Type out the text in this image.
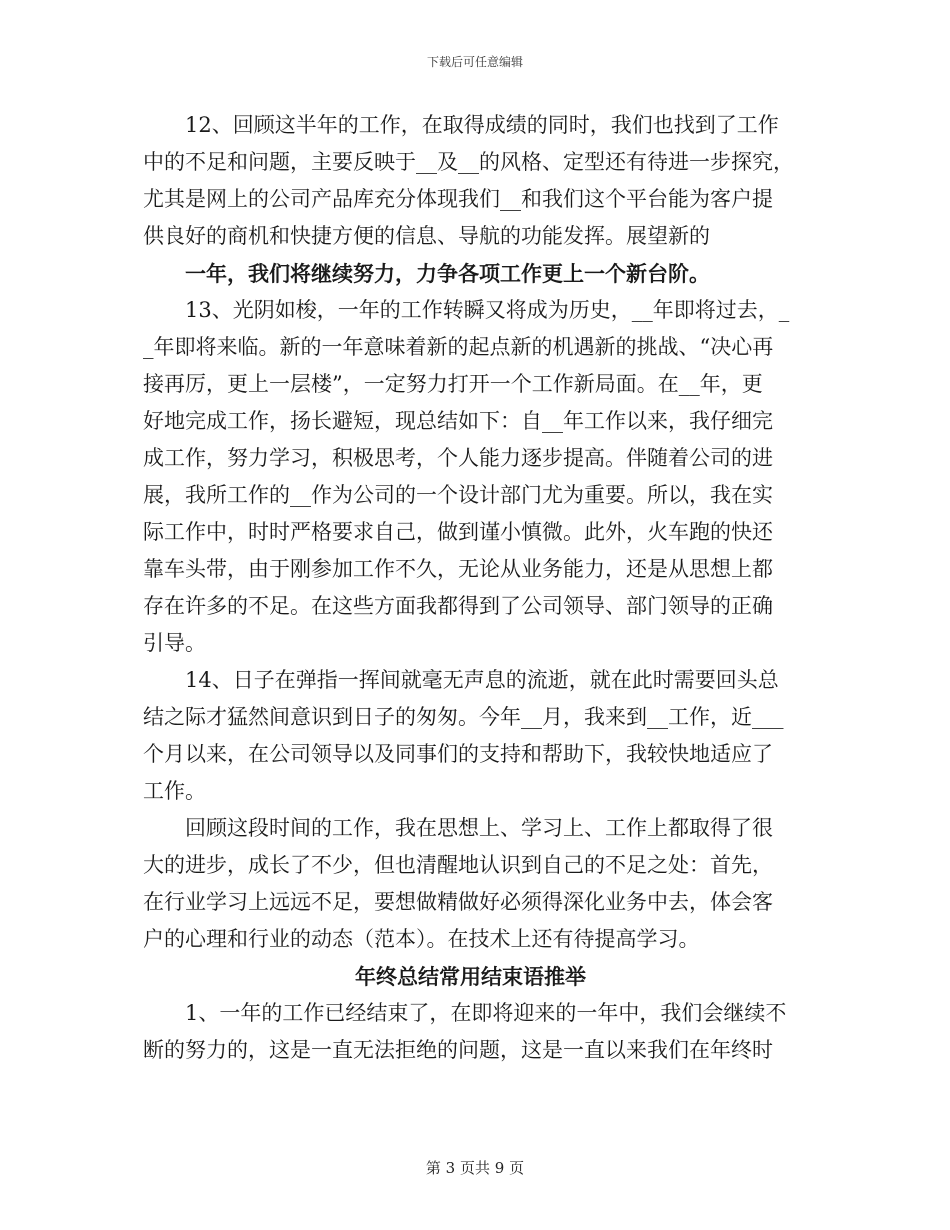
下载后可任意编辑
12、回顾这半年的工作，在取得成绩的同时，我们也找到了工作
中的不足和问题，主要反映于__及__的风格、定型还有待进一步探究，
尤其是网上的公司产品库充分体现我们__和我们这个平台能为客户提
供良好的商机和快捷方便的信息、导航的功能发挥。展望新的
一年，我们将继续努力，力争各项工作更上一个新台阶。
13、光阴如梭，一年的工作转瞬又将成为历史，__年即将过去，_
_年即将来临。新的一年意味着新的起点新的机遇新的挑战、“决心再
接再厉，更上一层楼”，一定努力打开一个工作新局面。在__年，更
好地完成工作，扬长避短，现总结如下：自__年工作以来，我仔细完
成工作，努力学习，积极思考，个人能力逐步提高。伴随着公司的进
展，我所工作的__作为公司的一个设计部门尤为重要。所以，我在实
际工作中，时时严格要求自己，做到谨小慎微。此外，火车跑的快还
靠车头带，由于刚参加工作不久，无论从业务能力，还是从思想上都
存在许多的不足。在这些方面我都得到了公司领导、部门领导的正确
引导。
14、日子在弹指一挥间就毫无声息的流逝，就在此时需要回头总
结之际才猛然间意识到日子的匆匆。今年__月，我来到__工作，近___
个月以来，在公司领导以及同事们的支持和帮助下，我较快地适应了
工作。
回顾这段时间的工作，我在思想上、学习上、工作上都取得了很
大的进步，成长了不少，但也清醒地认识到自己的不足之处：首先，
在行业学习上远远不足，要想做精做好必须得深化业务中去，体会客
户的心理和行业的动态（范本）。在技术上还有待提高学习。
年终总结常用结束语推举
1、一年的工作已经结束了，在即将迎来的一年中，我们会继续不
断的努力的，这是一直无法拒绝的问题，这是一直以来我们在年终时
第 3 页共 9 页
